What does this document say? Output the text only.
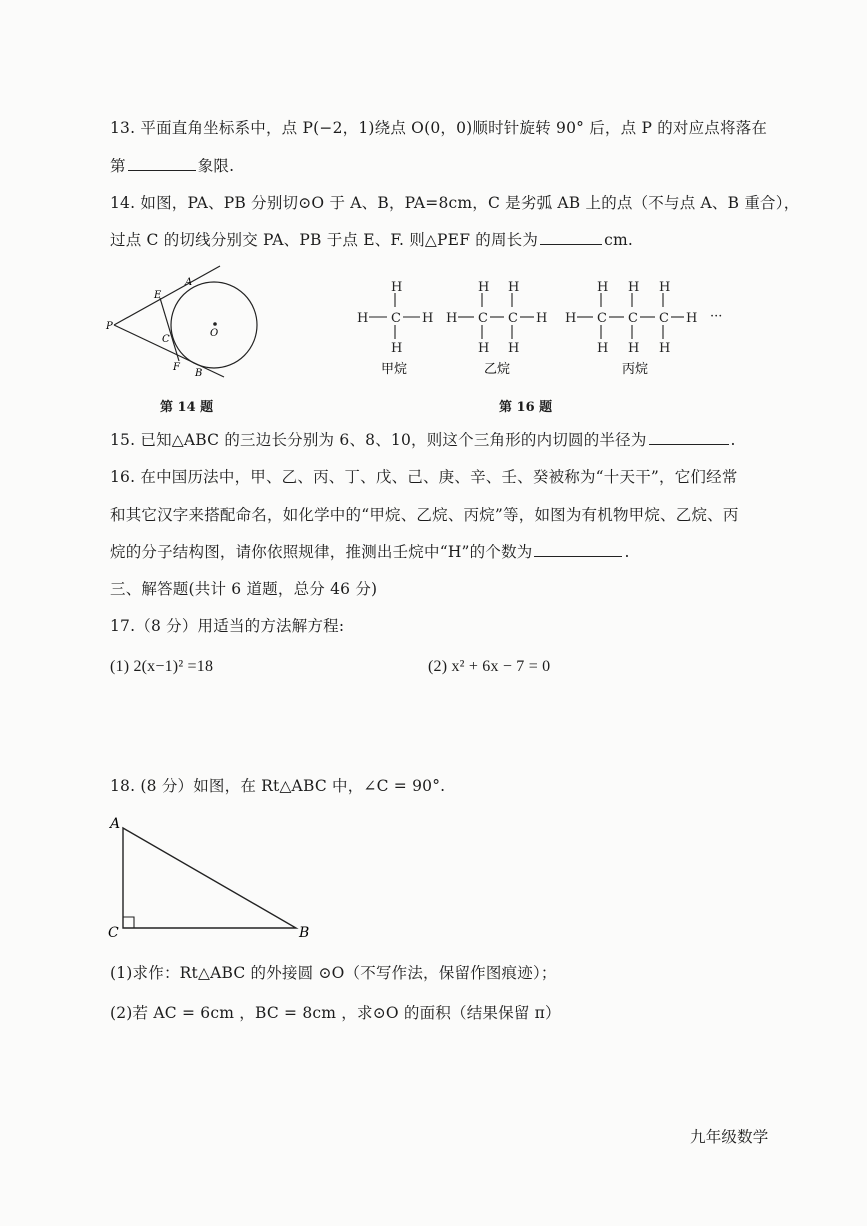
13. 平面直角坐标系中，点 P(−2，1)绕点 O(0，0)顺时针旋转 90° 后，点 P 的对应点将落在
第	象限.
14. 如图，PA、PB 分别切⊙O 于 A、B，PA=8cm，C 是劣弧 AB 上的点（不与点 A、B 重合），
过点 C 的切线分别交 PA、PB 于点 E、F. 则△PEF 的周长为	cm.
P
A
B
E
F
C
O
第 14 题
H
C
H
H	H
H
C
H
H
C
H
H	H
H
C
H
H
C
H
H
C
H
H	H ···
甲烷	乙烷	丙烷
第 16 题
15. 已知△ABC 的三边长分别为 6、8、10，则这个三角形的内切圆的半径为	.
16. 在中国历法中，甲、乙、丙、丁、戊、己、庚、辛、壬、癸被称为“十天干”，它们经常
和其它汉字来搭配命名，如化学中的“甲烷、乙烷、丙烷”等，如图为有机物甲烷、乙烷、丙
烷的分子结构图，请你依照规律，推测出壬烷中“H”的个数为	.
三、解答题(共计 6 道题，总分 46 分)
17.（8 分）用适当的方法解方程:
(1) 2(x−1)² =18	(2) x² + 6x − 7 = 0
18. (8 分）如图，在 Rt△ABC 中，∠C = 90°.
A
C	B
(1)求作：Rt△ABC 的外接圆 ⊙O（不写作法，保留作图痕迹）；
(2)若 AC = 6cm ，BC = 8cm ，求⊙O 的面积（结果保留 π）
九年级数学
